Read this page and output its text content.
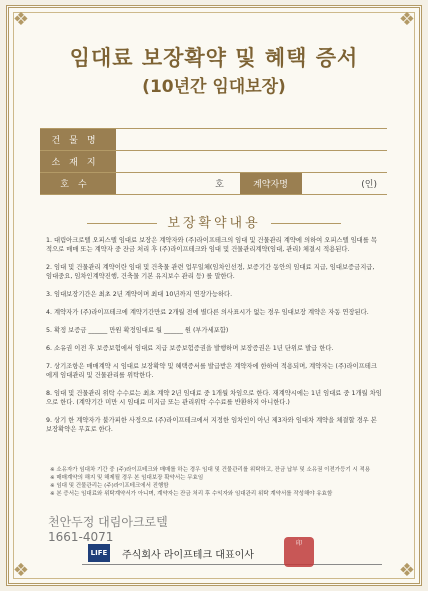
❖	❖
❖	❖
임대료 보장확약 및 혜택 증서
(10년간 임대보장)
건물명
소재지
호수	호	계약자명	(인)
보장확약내용
1. 대림아크로텔 오피스텔 임대료 보장은 계약자와 (주)라이프테크의 임대 및 건물관리 계약에 의하여 오피스텔 임대를 목적으로 매매 또는 계약자 중 잔금 처리 후 (주)라이프테크와 임대 및 건물관리계약(임대, 관리) 체결시 적용된다.
2. 임대 및 건물관리 계약이란 임대 및 건축물 관련 업무일체(임차인선정, 보증기간 동안의 임대료 지급, 임대보증금지급, 임대중요, 임차인계약진행, 건축물 기본 유지보수 관리 등) 를 말한다.
3. 임대보장기간은 최초 2년 계약이며 최대 10년까지 연장가능하다.
4. 계약자가 (주)라이프테크에 계약기간만료 2개월 전에 별다른 의사표시가 없는 경우 임대보장 계약은 자동 연장된다.
5. 확정 보증금 ______ 만원 확정임대료 월 ______ 원 (부가세포함)
6. 소유권 이전 후 보증보험에서 임대료 지급 보증보험증권을 발행하며 보장증권은 1년 단위로 발급 한다.
7. 상기조항은 매매계약 시 임대료 보장확약 및 혜택증서를 발급받은 계약자에 한하여 적용되며, 계약자는 (주)라이프테크에게 임대관리 및 건물관리를 위탁한다.
8. 임대 및 건물관리 위탁 수수료는 최초 계약 2년 임대료 중 1개월 차임으로 한다. 재계약시에는 1년 임대료 중 1개월 차임으로 한다. (계약기간 미만 시 임대료 미지급 또는 관리위탁 수수료를 반환하지 아니한다.)
9. 상기 한 계약자가 불가피한 사정으로 (주)라이프테크에서 지정한 임차인이 아닌 제3자와 임대차 계약을 체결할 경우 본 보장확약은 무효로 한다.
※ 소유자가 임대차 기간 중 (주)라이프테크와 매매를 하는 경우 임대 및 건물관리를 위탁하고, 잔금 납부 및 소유권 이전가등기 시 적용
※ 매매계약의 해지 및 해제될 경우 본 임대보장 확약서는 무효임
※ 임대 및 건물관리는 (주)라이프테크에서 진행함
※ 본 증서는 임대료와 위탁계약서가 아니며, 계약자는 잔금 처리 후 수익자와 임대관리 위탁 계약서를 작성해야 유효함
천안두정 대림아크로텔
1661-4071
LIFE 주식회사 라이프테크 대표이사
印
